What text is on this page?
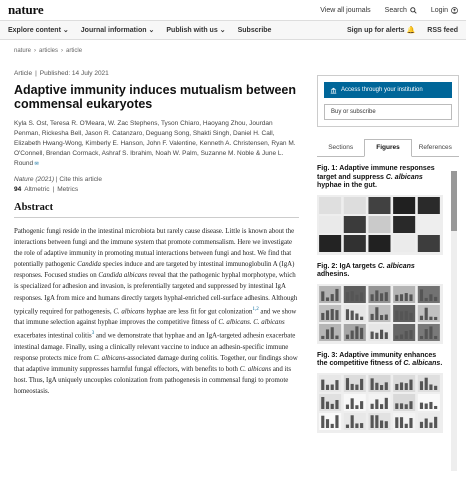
nature	View all journals Search	Login
Explore content ⌄ Journal information ⌄ Publish with us ⌄ Subscribe	Sign up for alerts 🔔 RSS feed
nature › articles › article
Article | Published: 14 July 2021
Adaptive immunity induces mutualism between commensal eukaryotes

Kyla S. Ost, Teresa R. O'Meara, W. Zac Stephens, Tyson Chiaro, Haoyang Zhou, Jourdan Penman, Rickesha Bell, Jason R. Catanzaro, Deguang Song, Shakti Singh, Daniel H. Call, Elizabeth Hwang-Wong, Kimberly E. Hanson, John F. Valentine, Kenneth A. Christensen, Ryan M. O'Connell, Brendan Cormack, Ashraf S. Ibrahim, Noah W. Palm, Suzanne M. Noble & June L. Round ✉

Nature (2021) | Cite this article
94 Altmetric | Metrics
Abstract

Pathogenic fungi reside in the intestinal microbiota but rarely cause disease. Little is known about the interactions between fungi and the immune system that promote commensalism. Here we investigate the role of adaptive immunity in promoting mutual interactions between fungi and host. We find that potentially pathogenic Candida species induce and are targeted by intestinal immunoglobulin A (IgA) responses. Focused studies on Candida albicans reveal that the pathogenic hyphal morphotype, which is specialized for adhesion and invasion, is preferentially targeted and suppressed by intestinal IgA responses. IgA from mice and humans directly targets hyphal-enriched cell-surface adhesins. Although typically required for pathogenesis, C. albicans hyphae are less fit for gut colonization$^{1,2}$ and we show that immune selection against hyphae improves the competitive fitness of C. albicans. C. albicans exacerbates intestinal colitis$^3$ and we demonstrate that hyphae and an IgA-targeted adhesin exacerbate intestinal damage. Finally, using a clinically relevant vaccine to induce an adhesin-specific immune response protects mice from C. albicans-associated damage during colitis. Together, our findings show that adaptive immunity suppresses harmful fungal effectors, with benefits to both C. albicans and its host. Thus, IgA uniquely uncouples colonization from pathogenesis in commensal fungi to promote homeostasis.

Access through your institution
Buy or subscribe
Sections	Figures	References
Fig. 1: Adaptive immune responses target and suppress C. albicans hyphae in the gut.
Fig. 2: IgA targets C. albicans adhesins.
Fig. 3: Adaptive immunity enhances the competitive fitness of C. albicans.
